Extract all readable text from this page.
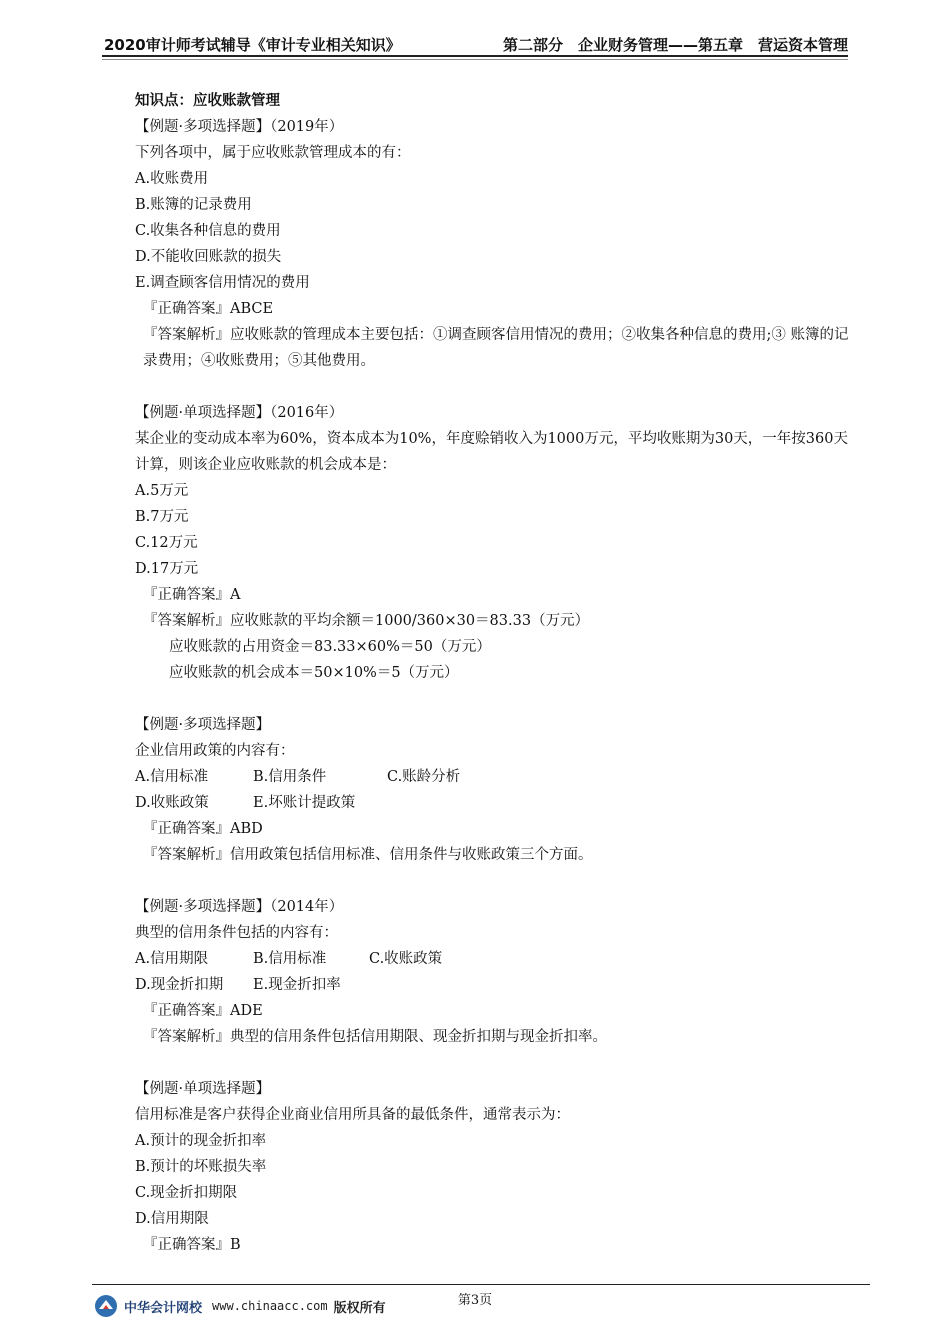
2020审计师考试辅导《审计专业相关知识》	第二部分　企业财务管理——第五章　营运资本管理
知识点：应收账款管理
【例题·多项选择题】（2019年）
下列各项中，属于应收账款管理成本的有：
A.收账费用
B.账簿的记录费用
C.收集各种信息的费用
D.不能收回账款的损失
E.调查顾客信用情况的费用
『正确答案』ABCE
『答案解析』应收账款的管理成本主要包括：①调查顾客信用情况的费用；②收集各种信息的费用;③ 账簿的记录费用；④收账费用；⑤其他费用。
【例题·单项选择题】（2016年）
某企业的变动成本率为60%，资本成本为10%，年度赊销收入为1000万元，平均收账期为30天，一年按360天计算，则该企业应收账款的机会成本是：
A.5万元
B.7万元
C.12万元
D.17万元
『正确答案』A
『答案解析』应收账款的平均余额＝1000/360×30＝83.33（万元）
应收账款的占用资金＝83.33×60%＝50（万元）
应收账款的机会成本＝50×10%＝5（万元）
【例题·多项选择题】
企业信用政策的内容有：
A.信用标准	B.信用条件	C.账龄分析
D.收账政策	E.坏账计提政策
『正确答案』ABD
『答案解析』信用政策包括信用标准、信用条件与收账政策三个方面。
【例题·多项选择题】（2014年）
典型的信用条件包括的内容有：
A.信用期限	B.信用标准	C.收账政策
D.现金折扣期 E.现金折扣率
『正确答案』ADE
『答案解析』典型的信用条件包括信用期限、现金折扣期与现金折扣率。
【例题·单项选择题】
信用标准是客户获得企业商业信用所具备的最低条件，通常表示为：
A.预计的现金折扣率
B.预计的坏账损失率
C.现金折扣期限
D.信用期限
『正确答案』B
第3页
中华会计网校 www.chinaacc.com 版权所有
